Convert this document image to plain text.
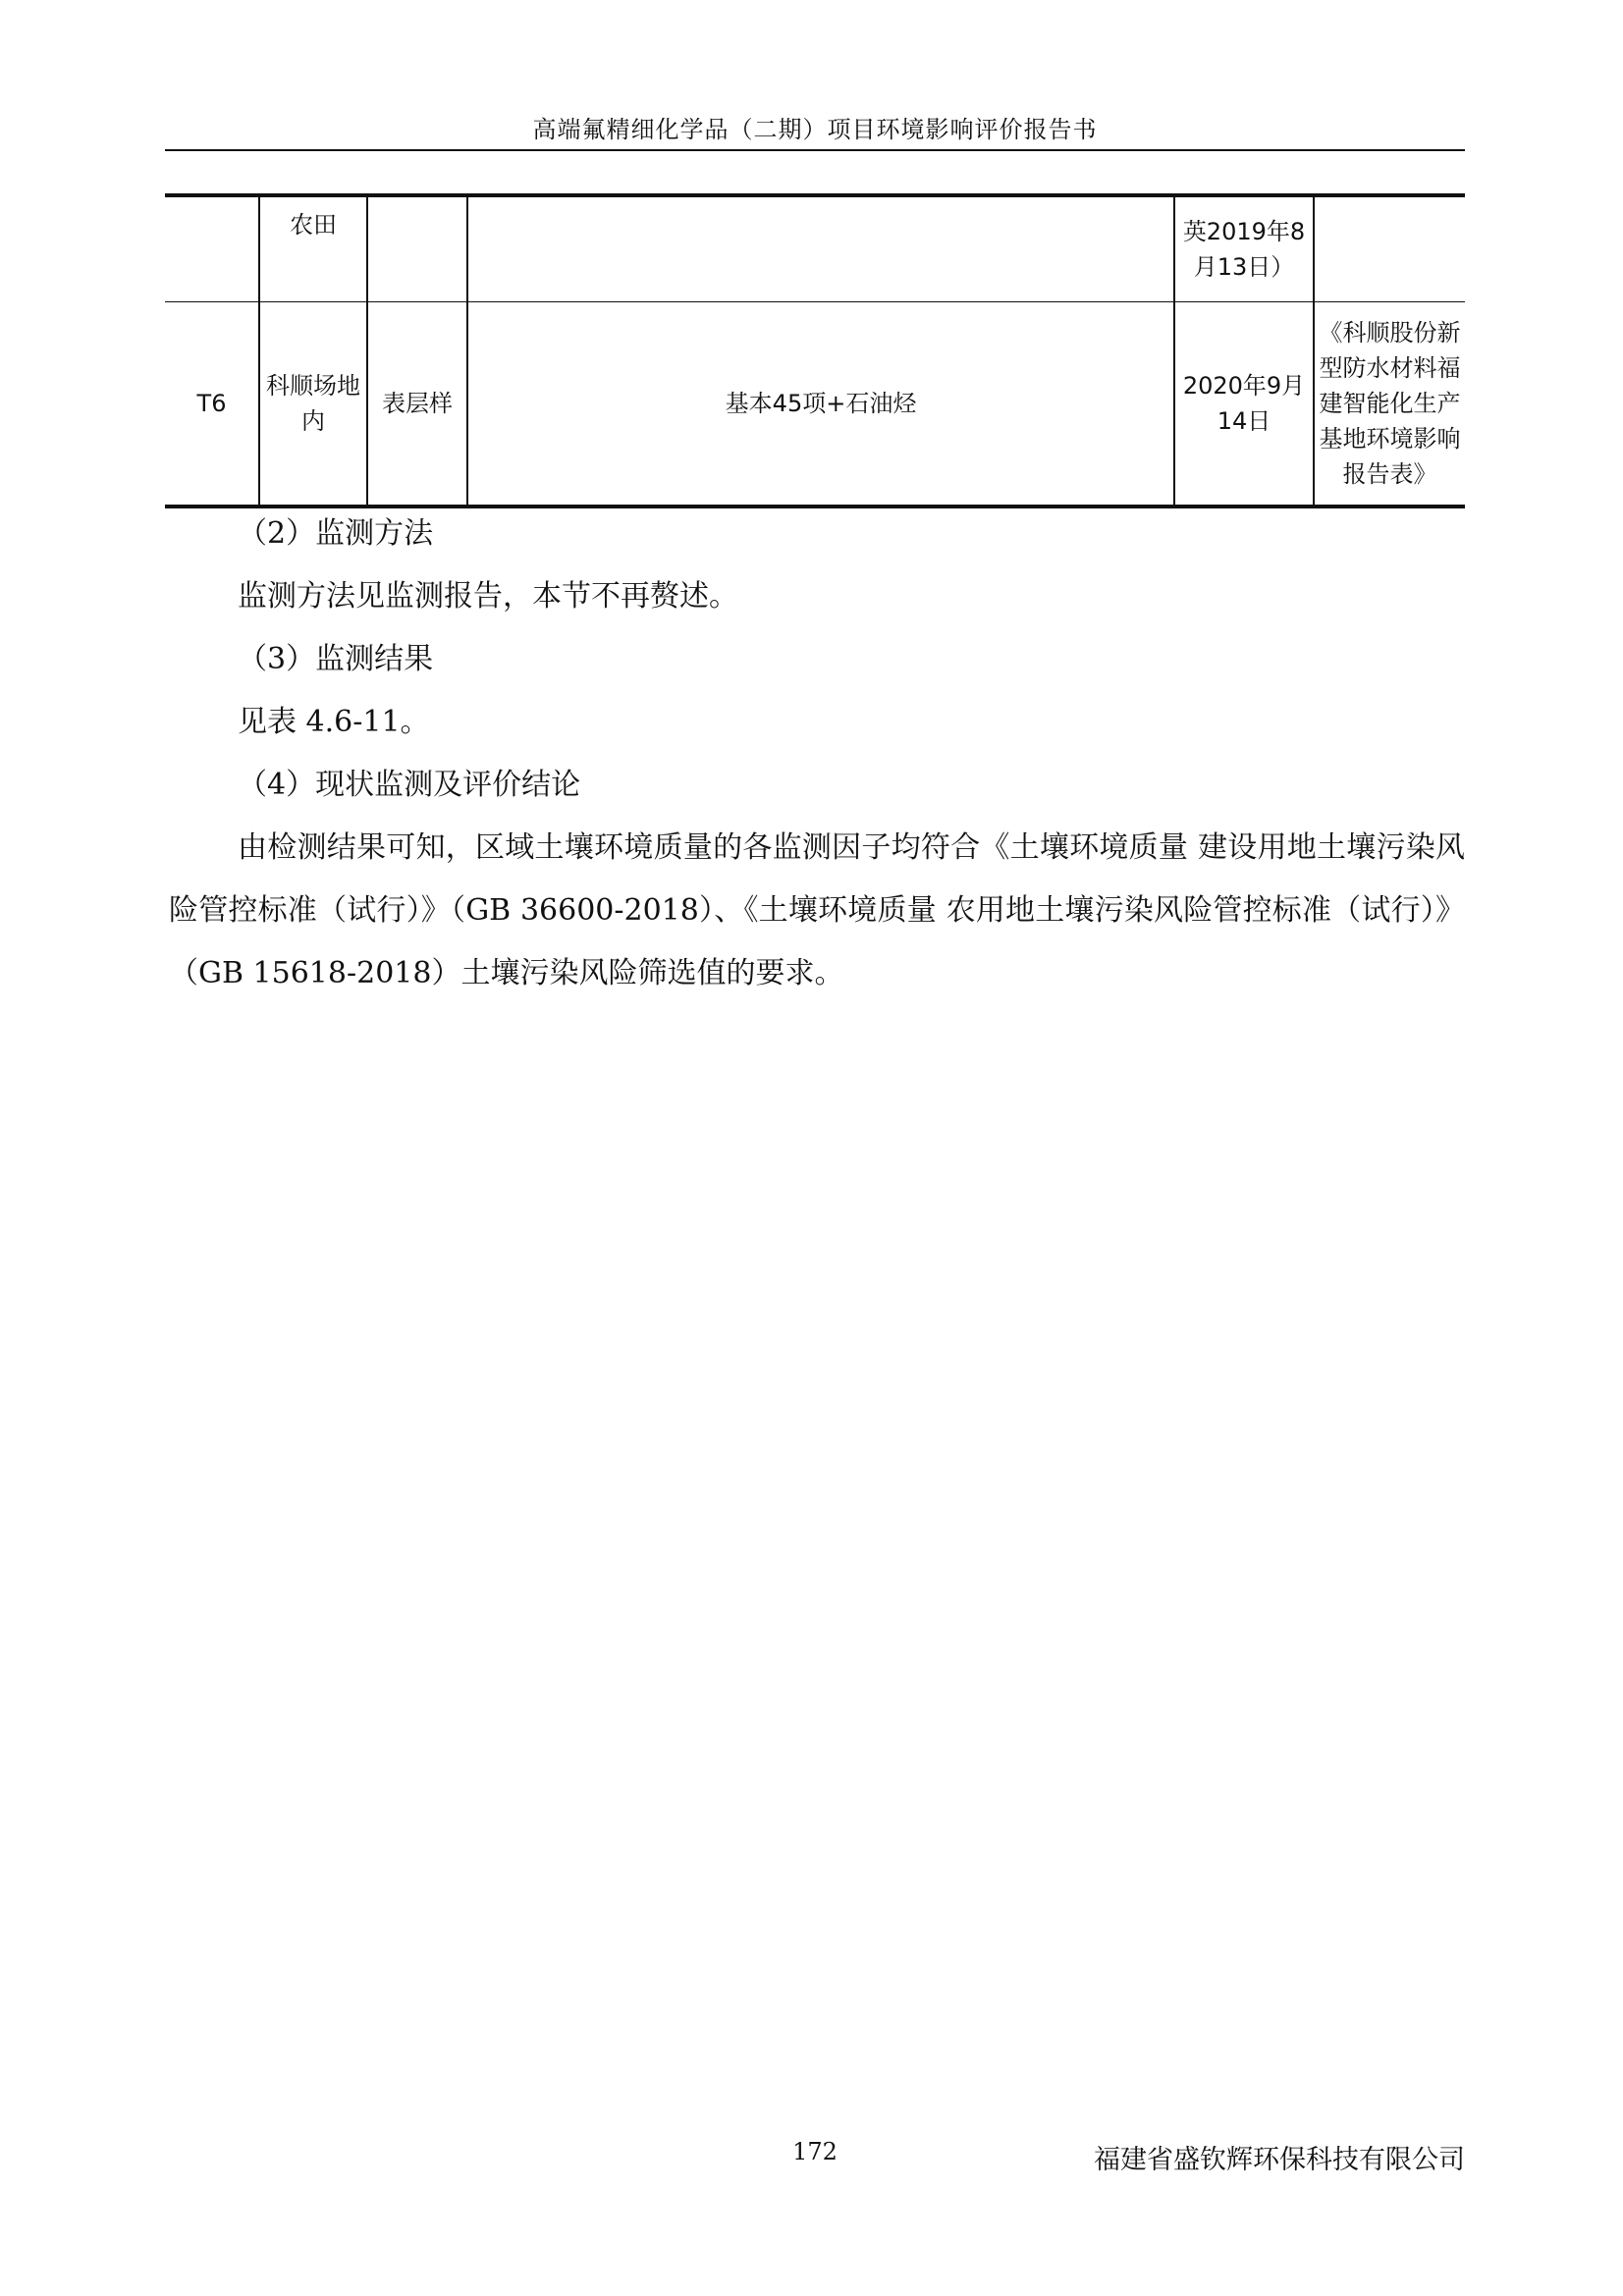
高端氟精细化学品（二期）项目环境影响评价报告书
	农田			英2019年8月13日）	
T6	科顺场地内	表层样	基本45项+石油烃	2020年9月14日	《科顺股份新型防水材料福建智能化生产基地环境影响报告表》

（2）监测方法

监测方法见监测报告，本节不再赘述。

（3）监测结果

见表 4.6-11。

（4）现状监测及评价结论

由检测结果可知，区域土壤环境质量的各监测因子均符合《土壤环境质量 建设用地土壤污染风险管控标准（试行）》（GB 36600-2018）、《土壤环境质量 农用地土壤污染风险管控标准（试行）》（GB 15618-2018）土壤污染风险筛选值的要求。

172	福建省盛钦辉环保科技有限公司
